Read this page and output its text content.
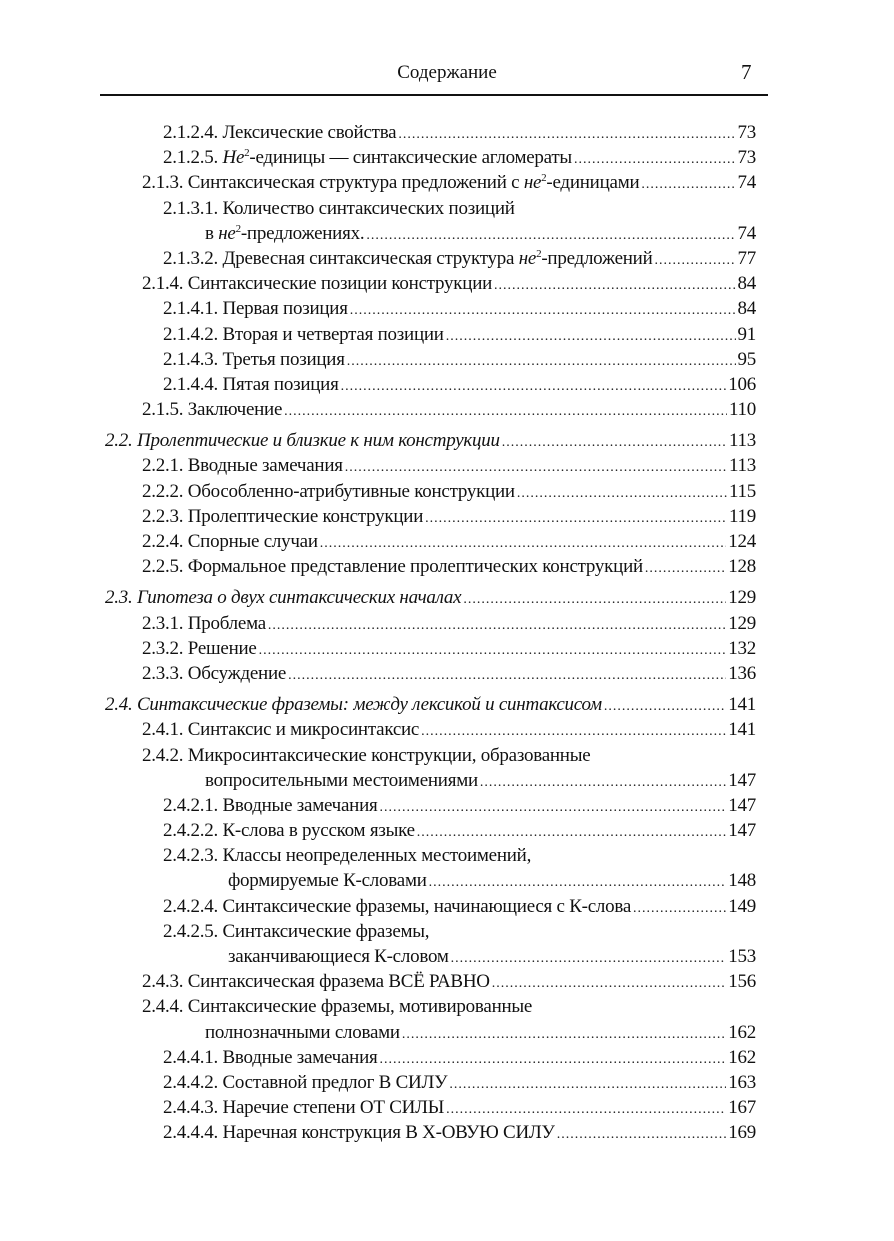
Содержание	7
2.1.2.4. Лексические свойства .....	73
2.1.2.5. $Не^2$-единицы — синтаксические агломераты .....	73
2.1.3. Синтаксическая структура предложений с $не^2$-единицами .....	74
2.1.3.1. Количество синтаксических позиций
в $не^2$-предложениях. .....	74
2.1.3.2. Древесная синтаксическая структура $не^2$-предложений .....	77
2.1.4. Синтаксические позиции конструкции .....	84
2.1.4.1. Первая позиция .....	84
2.1.4.2. Вторая и четвертая позиции .....	91
2.1.4.3. Третья позиция .....	95
2.1.4.4. Пятая позиция .....	106
2.1.5. Заключение .....	110
2.2. Пролептические и близкие к ним конструкции .....	113
2.2.1. Вводные замечания .....	113
2.2.2. Обособленно-атрибутивные конструкции .....	115
2.2.3. Пролептические конструкции .....	119
2.2.4. Спорные случаи .....	124
2.2.5. Формальное представление пролептических конструкций .....	128
2.3. Гипотеза о двух синтаксических началах .....	129
2.3.1. Проблема .....	129
2.3.2. Решение .....	132
2.3.3. Обсуждение .....	136
2.4. Синтаксические фраземы: между лексикой и синтаксисом .....	141
2.4.1. Синтаксис и микросинтаксис .....	141
2.4.2. Микросинтаксические конструкции, образованные
вопросительными местоимениями .....	147
2.4.2.1. Вводные замечания .....	147
2.4.2.2. К-слова в русском языке .....	147
2.4.2.3. Классы неопределенных местоимений,
формируемые К-словами .....	148
2.4.2.4. Синтаксические фраземы, начинающиеся с К-слова .....	149
2.4.2.5. Синтаксические фраземы,
заканчивающиеся К-словом .....	153
2.4.3. Синтаксическая фразема ВСЁ РАВНО .....	156
2.4.4. Синтаксические фраземы, мотивированные
полнозначными словами .....	162
2.4.4.1. Вводные замечания .....	162
2.4.4.2. Составной предлог В СИЛУ .....	163
2.4.4.3. Наречие степени ОТ СИЛЫ .....	167
2.4.4.4. Наречная конструкция В Х-ОВУЮ СИЛУ .....	169
